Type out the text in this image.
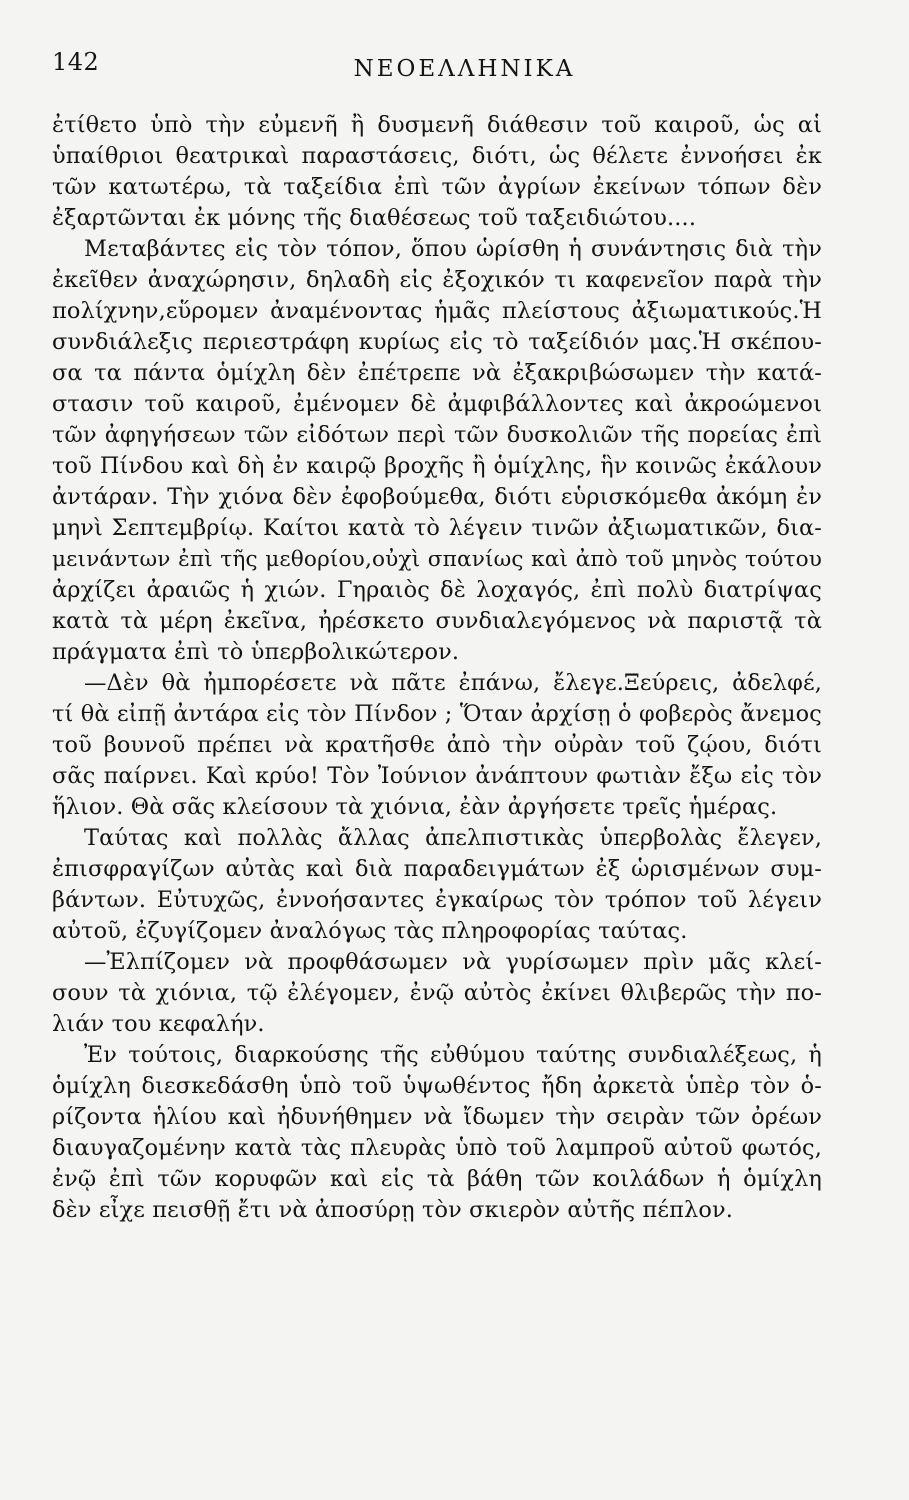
142	ΝΕΟΕΛΛΗΝΙΚΑ
ἐτίθετο ὑπὸ τὴν εὐμενῆ ἢ δυσμενῆ διάθεσιν τοῦ καιροῦ, ὡς αἱ
ὑπαίθριοι θεατρικαὶ παραστάσεις, διότι, ὡς θέλετε ἐννοήσει ἐκ
τῶν κατωτέρω, τὰ ταξείδια ἐπὶ τῶν ἀγρίων ἐκείνων τόπων δὲν
ἐξαρτῶνται ἐκ μόνης τῆς διαθέσεως τοῦ ταξειδιώτου....
Μεταβάντες εἰς τὸν τόπον, ὅπου ὡρίσθη ἡ συνάντησις διὰ τὴν
ἐκεῖθεν ἀναχώρησιν, δηλαδὴ εἰς ἐξοχικόν τι καφενεῖον παρὰ τὴν
πολίχνην,εὕρομεν ἀναμένοντας ἡμᾶς πλείστους ἀξιωματικούς.Ἡ
συνδιάλεξις περιεστράφη κυρίως εἰς τὸ ταξείδιόν μας.Ἡ σκέπου-
σα τα πάντα ὁμίχλη δὲν ἐπέτρεπε νὰ ἐξακριβώσωμεν τὴν κατά-
στασιν τοῦ καιροῦ, ἐμένομεν δὲ ἀμφιβάλλοντες καὶ ἀκροώμενοι
τῶν ἀφηγήσεων τῶν εἰδότων περὶ τῶν δυσκολιῶν τῆς πορείας ἐπὶ
τοῦ Πίνδου καὶ δὴ ἐν καιρῷ βροχῆς ἢ ὁμίχλης, ἣν κοινῶς ἐκάλουν
ἀντάραν. Τὴν χιόνα δὲν ἐφοβούμεθα, διότι εὑρισκόμεθα ἀκόμη ἐν
μηνὶ Σεπτεμβρίῳ. Καίτοι κατὰ τὸ λέγειν τινῶν ἀξιωματικῶν, δια-
μεινάντων ἐπὶ τῆς μεθορίου,οὐχὶ σπανίως καὶ ἀπὸ τοῦ μηνὸς τούτου
ἀρχίζει ἀραιῶς ἡ χιών. Γηραιὸς δὲ λοχαγός, ἐπὶ πολὺ διατρίψας
κατὰ τὰ μέρη ἐκεῖνα, ἠρέσκετο συνδιαλεγόμενος νὰ παριστᾷ τὰ
πράγματα ἐπὶ τὸ ὑπερβολικώτερον.
—Δὲν θὰ ἠμπορέσετε νὰ πᾶτε ἐπάνω, ἔλεγε.Ξεύρεις, ἀδελφέ,
τί θὰ εἰπῇ ἀντάρα εἰς τὸν Πίνδον ; Ὅταν ἀρχίσῃ ὁ φοβερὸς ἄνεμος
τοῦ βουνοῦ πρέπει νὰ κρατῆσθε ἀπὸ τὴν οὐρὰν τοῦ ζῴου, διότι
σᾶς παίρνει. Καὶ κρύο! Τὸν Ἰούνιον ἀνάπτουν φωτιὰν ἔξω εἰς τὸν
ἥλιον. Θὰ σᾶς κλείσουν τὰ χιόνια, ἐὰν ἀργήσετε τρεῖς ἡμέρας.
Ταύτας καὶ πολλὰς ἄλλας ἀπελπιστικὰς ὑπερβολὰς ἔλεγεν,
ἐπισφραγίζων αὐτὰς καὶ διὰ παραδειγμάτων ἐξ ὡρισμένων συμ-
βάντων. Εὐτυχῶς, ἐννοήσαντες ἐγκαίρως τὸν τρόπον τοῦ λέγειν
αὐτοῦ, ἐζυγίζομεν ἀναλόγως τὰς πληροφορίας ταύτας.
—Ἐλπίζομεν νὰ προφθάσωμεν νὰ γυρίσωμεν πρὶν μᾶς κλεί-
σουν τὰ χιόνια, τῷ ἐλέγομεν, ἐνῷ αὐτὸς ἐκίνει θλιβερῶς τὴν πο-
λιάν του κεφαλήν.
Ἐν τούτοις, διαρκούσης τῆς εὐθύμου ταύτης συνδιαλέξεως, ἡ
ὁμίχλη διεσκεδάσθη ὑπὸ τοῦ ὑψωθέντος ἤδη ἀρκετὰ ὑπὲρ τὸν ὁ-
ρίζοντα ἡλίου καὶ ἠδυνήθημεν νὰ ἴδωμεν τὴν σειρὰν τῶν ὀρέων
διαυγαζομένην κατὰ τὰς πλευρὰς ὑπὸ τοῦ λαμπροῦ αὐτοῦ φωτός,
ἐνῷ ἐπὶ τῶν κορυφῶν καὶ εἰς τὰ βάθη τῶν κοιλάδων ἡ ὁμίχλη
δὲν εἶχε πεισθῇ ἔτι νὰ ἀποσύρῃ τὸν σκιερὸν αὐτῆς πέπλον.
